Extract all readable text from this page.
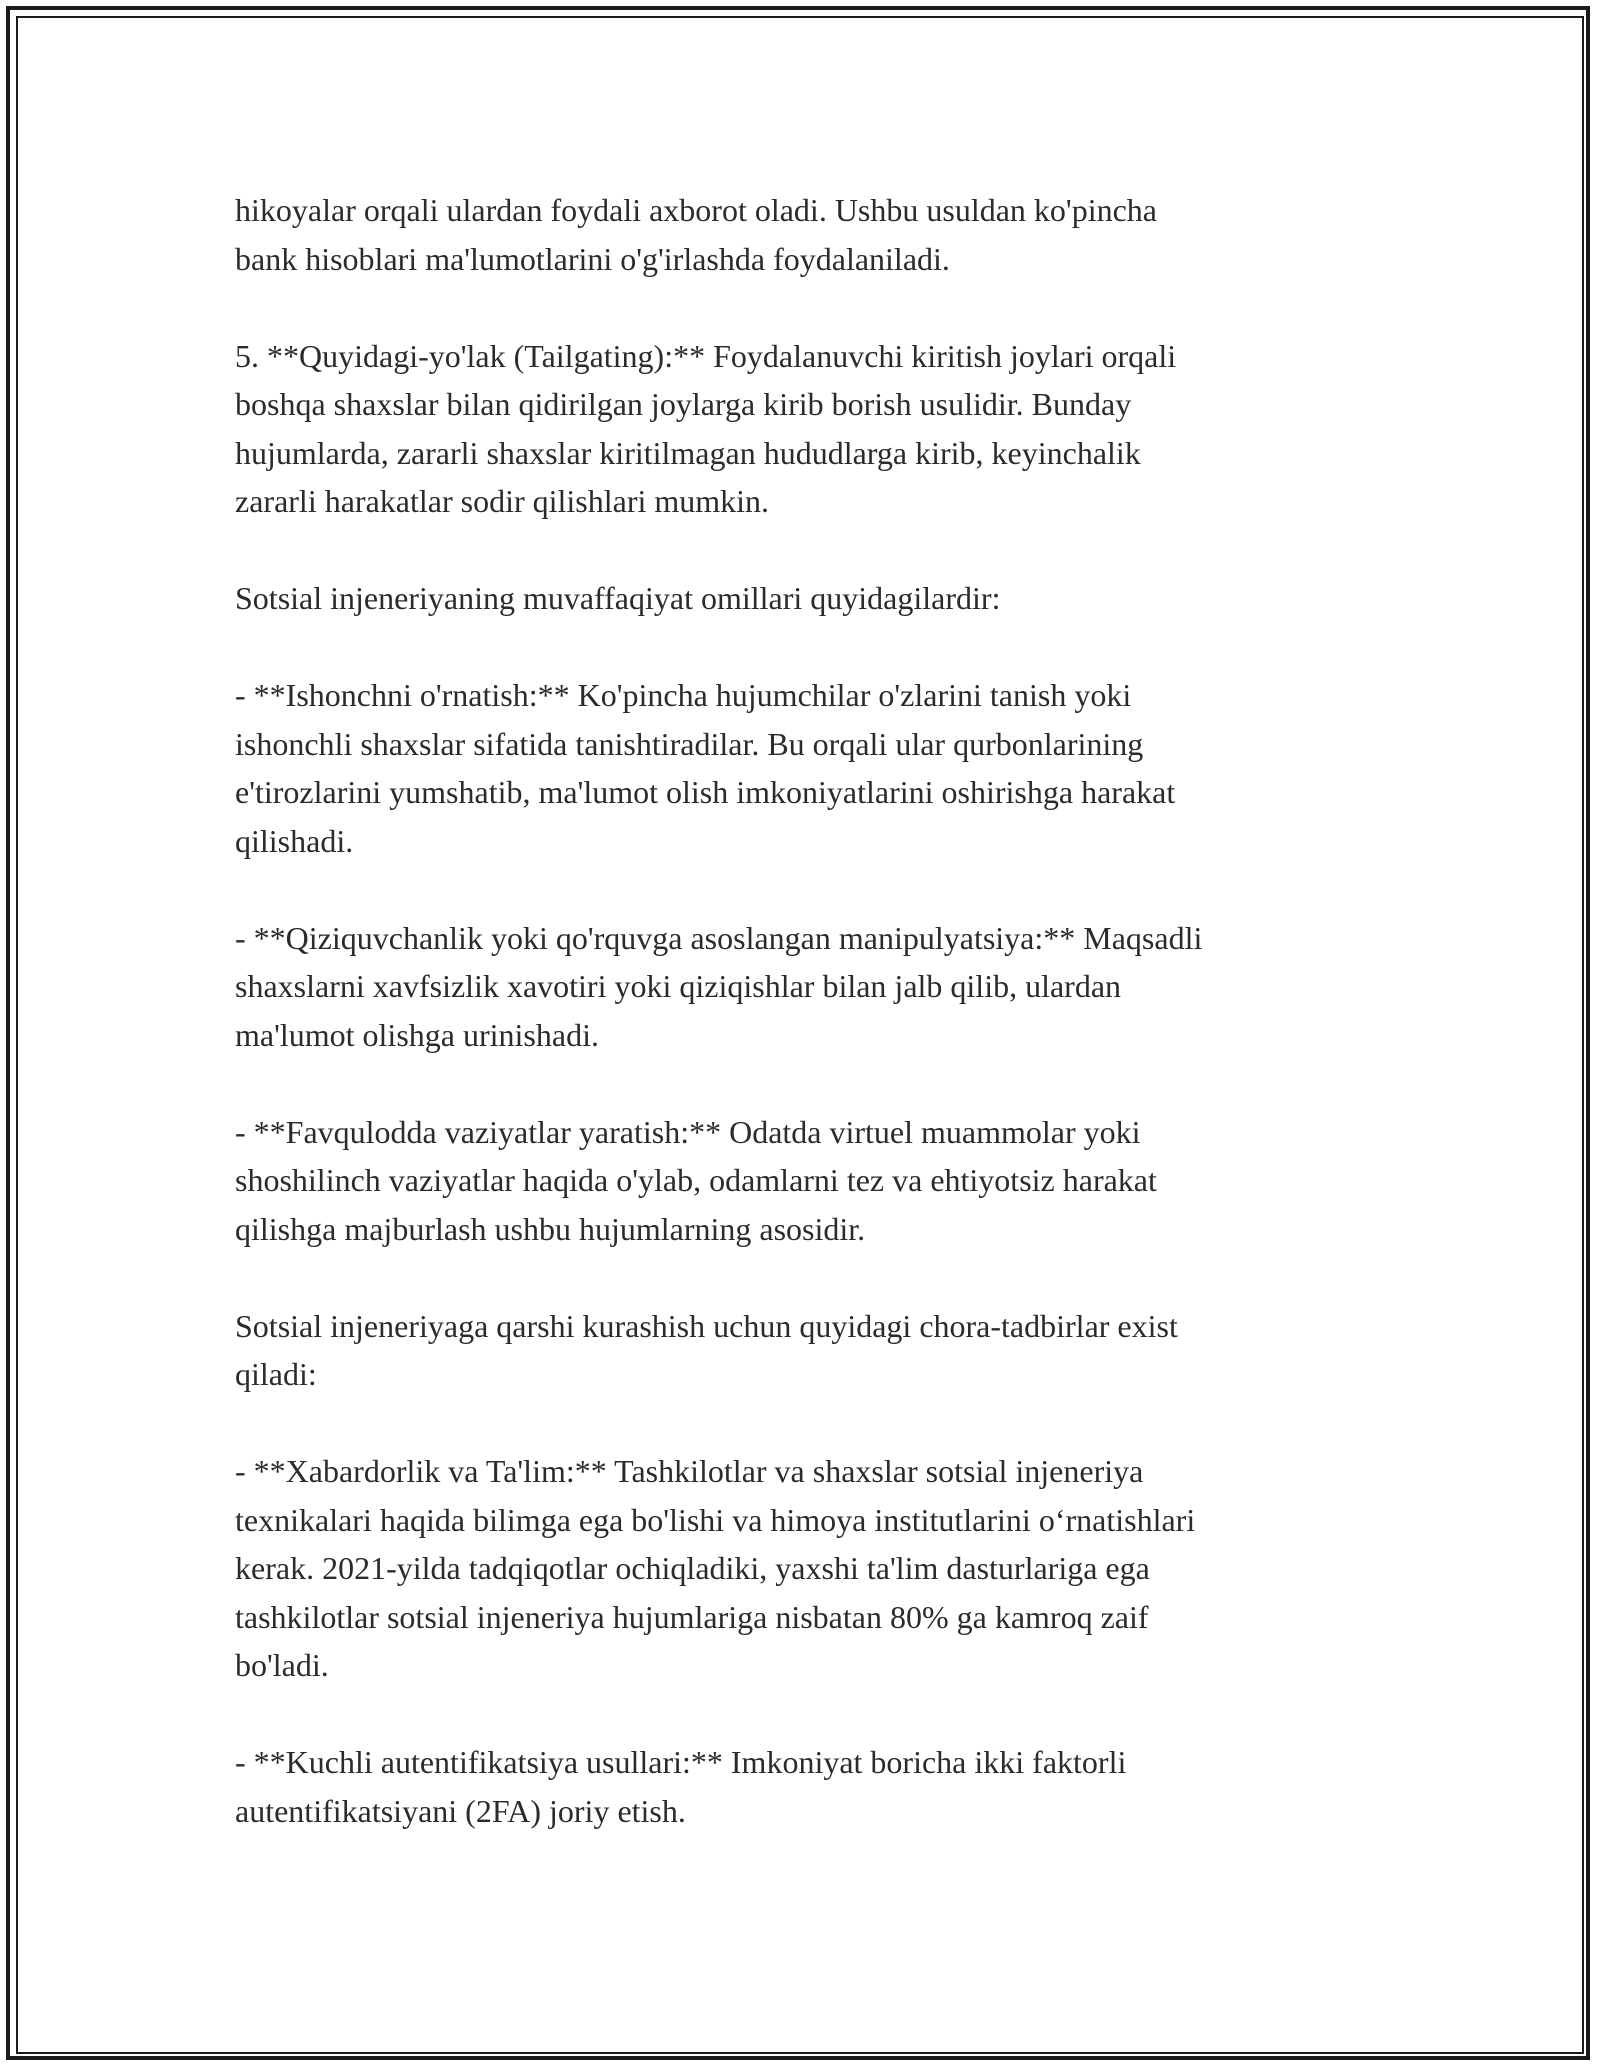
hikoyalar orqali ulardan foydali axborot oladi. Ushbu usuldan ko'pincha
bank hisoblari ma'lumotlarini o'g'irlashda foydalaniladi.

5. **Quyidagi-yo'lak (Tailgating):** Foydalanuvchi kiritish joylari orqali
boshqa shaxslar bilan qidirilgan joylarga kirib borish usulidir. Bunday
hujumlarda, zararli shaxslar kiritilmagan hududlarga kirib, keyinchalik
zararli harakatlar sodir qilishlari mumkin.

Sotsial injeneriyaning muvaffaqiyat omillari quyidagilardir:

- **Ishonchni o'rnatish:** Ko'pincha hujumchilar o'zlarini tanish yoki
ishonchli shaxslar sifatida tanishtiradilar. Bu orqali ular qurbonlarining
e'tirozlarini yumshatib, ma'lumot olish imkoniyatlarini oshirishga harakat
qilishadi.

- **Qiziquvchanlik yoki qo'rquvga asoslangan manipulyatsiya:** Maqsadli
shaxslarni xavfsizlik xavotiri yoki qiziqishlar bilan jalb qilib, ulardan
ma'lumot olishga urinishadi.

- **Favqulodda vaziyatlar yaratish:** Odatda virtuel muammolar yoki
shoshilinch vaziyatlar haqida o'ylab, odamlarni tez va ehtiyotsiz harakat
qilishga majburlash ushbu hujumlarning asosidir.

Sotsial injeneriyaga qarshi kurashish uchun quyidagi chora-tadbirlar exist
qiladi:

- **Xabardorlik va Ta'lim:** Tashkilotlar va shaxslar sotsial injeneriya
texnikalari haqida bilimga ega bo'lishi va himoya institutlarini o‘rnatishlari
kerak. 2021-yilda tadqiqotlar ochiqladiki, yaxshi ta'lim dasturlariga ega
tashkilotlar sotsial injeneriya hujumlariga nisbatan 80% ga kamroq zaif
bo'ladi.

- **Kuchli autentifikatsiya usullari:** Imkoniyat boricha ikki faktorli
autentifikatsiyani (2FA) joriy etish.
